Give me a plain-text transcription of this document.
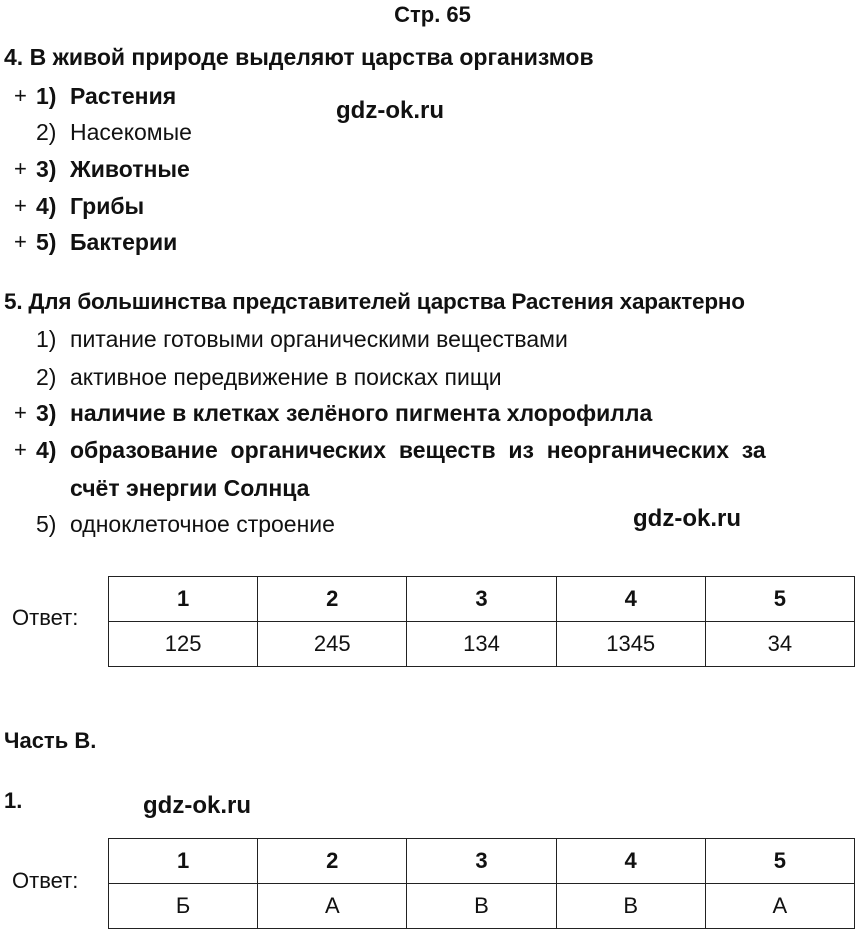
Стр. 65
4. В живой природе выделяют царства организмов
+ 1) Растения
2) Насекомые
+ 3) Животные
+ 4) Грибы
+ 5) Бактерии
gdz-ok.ru
5. Для большинства представителей царства Растения характерно
1) питание готовыми органическими веществами
2) активное передвижение в поисках пищи
+ 3) наличие в клетках зелёного пигмента хлорофилла
+ 4) образование  органических  веществ  из  неорганических  за
счёт энергии Солнца
5) одноклеточное строение	gdz-ok.ru
Ответ:
1	2	3	4	5
125	245	134	1345	34
Часть В.
1.	gdz-ok.ru
Ответ:
1	2	3	4	5
Б	А	В	В	А
